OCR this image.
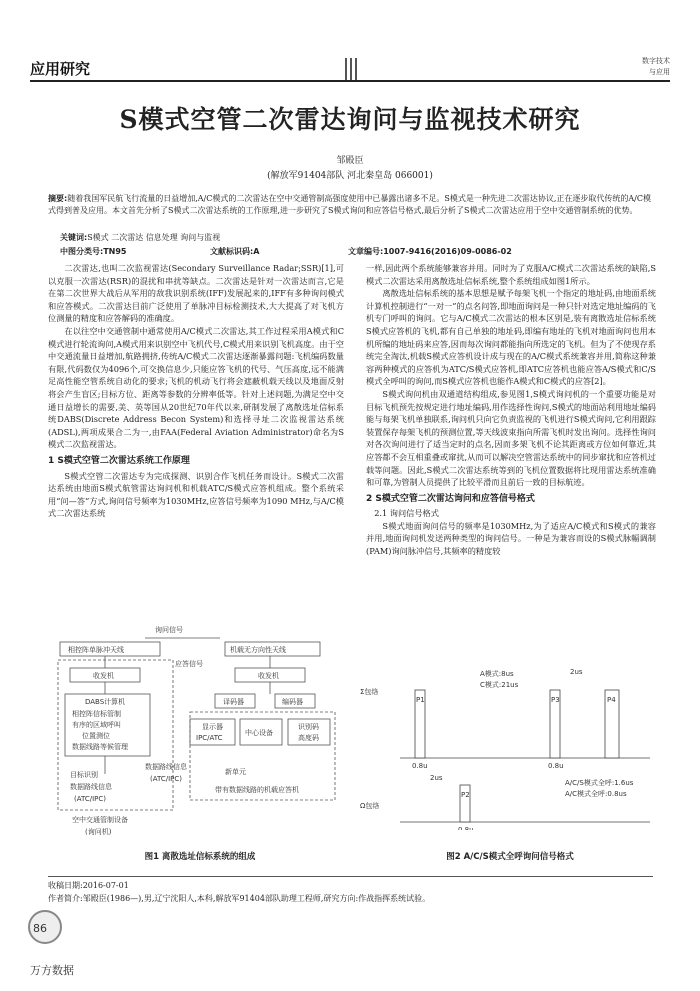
应用研究	数字技术
与应用
S模式空管二次雷达询问与监视技术研究
邹殿臣
(解放军91404部队 河北秦皇岛 066001)
摘要:随着我国军民航飞行流量的日益增加,A/C模式的二次雷达在空中交通管制高强度使用中已暴露出诸多不足。S模式是一种先进二次雷达协议,正在逐步取代传统的A/C模式得到普及应用。本文首先分析了S模式二次雷达系统的工作原理,进一步研究了S模式询问和应答信号格式,最后分析了S模式二次雷达应用于空中交通管制系统的优势。
关键词:S模式 二次雷达 信息处理 询问与监视
中图分类号:TN95	文献标识码:A	文章编号:1007-9416(2016)09-0086-02

二次雷达,也叫二次监视雷达(Secondary Surveillance Radar;SSR)[1],可以克服一次雷达(RSR)的混扰和串扰等缺点。二次雷达是针对一次雷达而言,它是在第二次世界大战后从军用的敌我识别系统(IFF)发展起来的,IFF有多种询问模式和应答模式。二次雷达目前广泛使用了单脉冲目标检测技术,大大提高了对飞机方位测量的精度和应答解码的准确度。

在以往空中交通管制中通常使用A/C模式二次雷达,其工作过程采用A模式和C模式进行轮流询问,A模式用来识别空中飞机代号,C模式用来识别飞机高度。由于空中交通流量日益增加,航路拥挤,传统A/C模式二次雷达逐渐暴露问题:飞机编码数量有限,代码数仅为4096个,可交换信息少,只能应答飞机的代号、气压高度,远不能满足高性能空管系统自动化的要求;飞机的机动飞行将会遮蔽机载天线以及地面反射将会产生盲区;目标方位、距离等参数的分辨率低等。针对上述问题,为满足空中交通日益增长的需要,美、英等国从20世纪70年代以来,研制发展了离散选址信标系统DABS(Discrete Address Becon System)和选择寻址二次监视雷达系统(ADSL),两项成果合二为一,由FAA(Federal Aviation Administrator)命名为S模式二次监视雷达。

1 S模式空管二次雷达系统工作原理

S模式空管二次雷达专为完成探测、识别合作飞机任务而设计。S模式二次雷达系统由地面S模式航管雷达询问机和机载ATC/S模式应答机组成。整个系统采用“问—答”方式,询问信号频率为1030MHz,应答信号频率为1090 MHz,与A/C模式二次雷达系统

一样,因此两个系统能够兼容并用。同时为了克服A/C模式二次雷达系统的缺陷,S模式二次雷达采用离散选址信标系统,整个系统组成如图1所示。

离散选址信标系统的基本思想是赋予每架飞机一个指定的地址码,由地面系统计算机控制进行“一对一”的点名问答,即地面询问是一种只针对选定地址编码的飞机专门呼叫的询问。它与A/C模式二次雷达的根本区别是,装有离散选址信标系统S模式应答机的飞机,都有自己单独的地址码,即编有地址的飞机对地面询问也用本机所编的地址码来应答,因而每次询问都能指向所选定的飞机。但为了不使现存系统完全淘汰,机载S模式应答机设计成与现在的A/C模式系统兼容并用,简称这种兼容两种模式的应答机为ATC/S模式应答机,即ATC应答机也能应答A/S模式和C/S模式全呼叫的询问,而S模式应答机也能作A模式和C模式的应答[2]。

S模式询问机由双通道结构组成,参见图1,S模式询问机的一个重要功能是对目标飞机预先按规定进行地址编码,用作选择性询问,S模式的地面站利用地址编码能与每架飞机单独联系,询问机只向它负责监视的飞机进行S模式询问,它利用跟踪装置保存每架飞机的预测位置,等天线波束指向所需飞机时发出询问。选择性询问对各次询问进行了适当定时的点名,因而多架飞机不论其距离或方位如何靠近,其应答都不会互相重叠或窜扰,从而可以解决空管雷达系统中的同步窜扰和应答机过载等问题。因此,S模式二次雷达系统等到的飞机位置数据将比现用雷达系统准确和可靠,为管制人员提供了比较平滑而且前后一致的目标航迹。

2 S模式空管二次雷达询问和应答信号格式

2.1 询问信号格式

S模式地面询问信号的频率是1030MHz,为了适应A/C模式和S模式的兼容并用,地面询问机发送两种类型的询问信号。一种是为兼容而设的S模式脉幅调制(PAM)询问脉冲信号,其频率的精度较

询问信号
相控阵单脉冲天线	机载无方向性天线
应答信号
收发机	收发机
DABS计算机
相控阵信标管制
有序的区域呼叫
位置测位
数据线路等候管理
译码器	编码器
显示器
IPC/ATC
中心设备
识别码
高度码
目标识别
数据路线信息
(ATC/IPC)
数据路线信息
(ATC/IPC)
新单元
带有数据线路的机载应答机
空中交通管制设备
(询问机)
图1 离散选址信标系统的组成
Σ包络
Ω包络
A模式:8us
C模式:21us
2us
P1	P3	P4
0.8u	0.8u
2us
P2
0.8u
A/C/S模式全呼:1.6us
A/C模式全呼:0.8us
图2 A/C/S模式全呼询问信号格式
收稿日期:2016-07-01
作者简介:邹殿臣(1986—),男,辽宁沈阳人,本科,解放军91404部队助理工程师,研究方向:作战指挥系统试验。
86
万方数据
